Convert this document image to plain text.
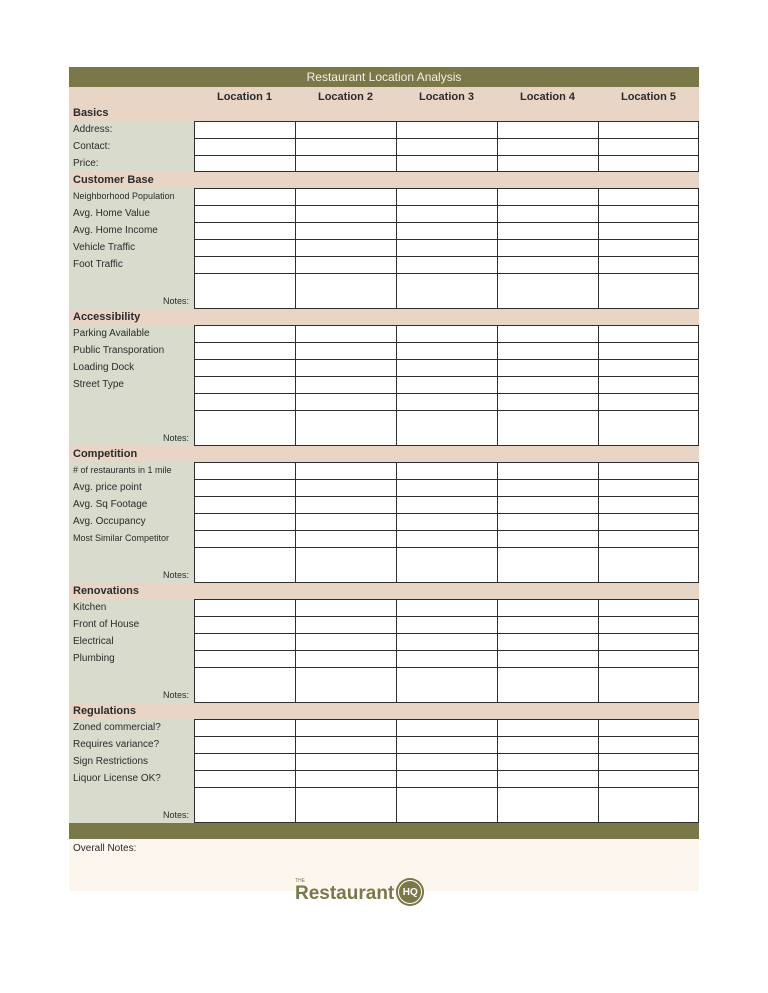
Restaurant Location Analysis
Location 1	Location 2	Location 3	Location 4	Location 5
Basics
Address:
Contact:
Price:
Customer Base
Neighborhood Population
Avg. Home Value
Avg. Home Income
Vehicle Traffic
Foot Traffic
Notes:
Accessibility
Parking Available
Public Transporation
Loading Dock
Street Type
Notes:
Competition
# of restaurants in 1 mile
Avg. price point
Avg. Sq Footage
Avg. Occupancy
Most Similar Competitor
Notes:
Renovations
Kitchen
Front of House
Electrical
Plumbing
Notes:
Regulations
Zoned commercial?
Requires variance?
Sign Restrictions
Liquor License OK?
Notes:
Overall Notes:
THE
Restaurant HQ
